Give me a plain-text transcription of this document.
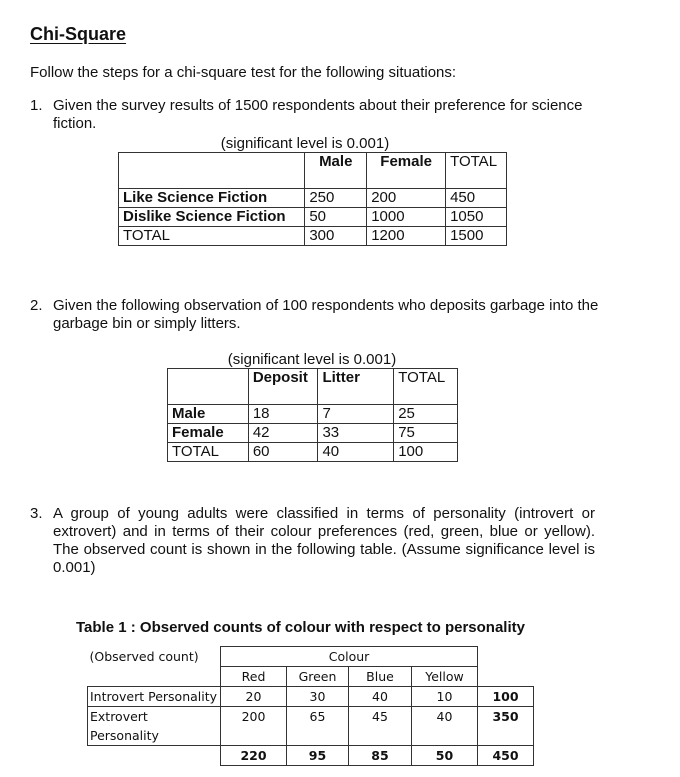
Chi-Square
Follow the steps for a chi-square test for the following situations:
1. Given the survey results of 1500 respondents about their preference for science fiction.
(significant level is 0.001)
	Male	Female	TOTAL
Like Science Fiction	250	200	450
Dislike Science Fiction	50	1000	1050
TOTAL	300	1200	1500
2. Given the following observation of 100 respondents who deposits garbage into the garbage bin or simply litters.
(significant level is 0.001)
	Deposit	Litter	TOTAL
Male	18	7	25
Female	42	33	75
TOTAL	60	40	100
3. A group of young adults were classified in terms of personality (introvert or extrovert) and in terms of their colour preferences (red, green, blue or yellow). The observed count is shown in the following table. (Assume significance level is 0.001)
Table 1 : Observed counts of colour with respect to personality
(Observed count)	Colour				
	Red	Green	Blue	Yellow	
Introvert Personality	20	30	40	10	100
Extrovert Personality	200	65	45	40	350
	220	95	85	50	450
